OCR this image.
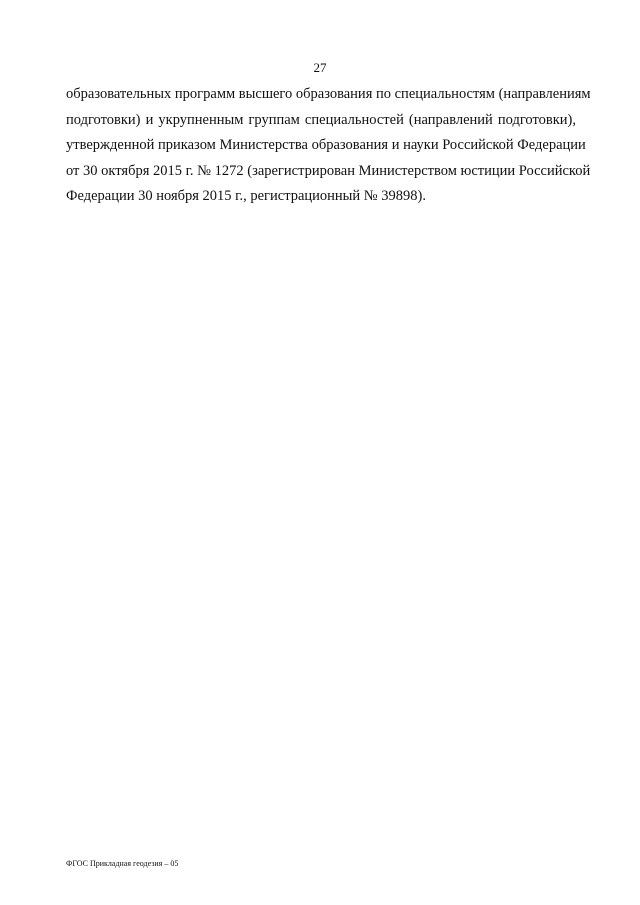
27
образовательных программ высшего образования по специальностям (направлениям
подготовки) и укрупненным группам специальностей (направлений подготовки),
утвержденной приказом Министерства образования и науки Российской Федерации
от 30 октября 2015 г. № 1272 (зарегистрирован Министерством юстиции Российской
Федерации 30 ноября 2015 г., регистрационный № 39898).
ФГОС Прикладная геодезия – 05
